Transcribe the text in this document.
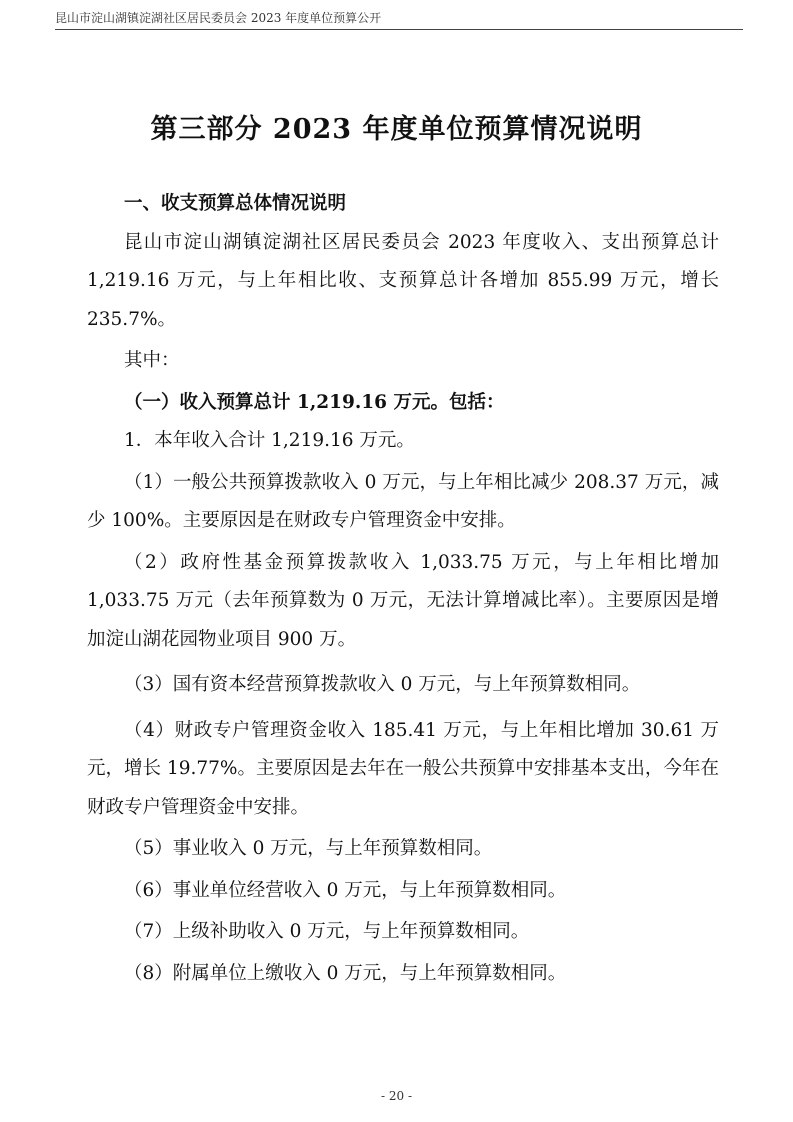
昆山市淀山湖镇淀湖社区居民委员会 2023 年度单位预算公开
第三部分 2023 年度单位预算情况说明

一、收支预算总体情况说明

昆山市淀山湖镇淀湖社区居民委员会 2023 年度收入、支出预算总计 1,219.16 万元，与上年相比收、支预算总计各增加 855.99 万元，增长 235.7%。

其中：

（一）收入预算总计 1,219.16 万元。包括：

1．本年收入合计 1,219.16 万元。

（1）一般公共预算拨款收入 0 万元，与上年相比减少 208.37 万元，减少 100%。主要原因是在财政专户管理资金中安排。

（2）政府性基金预算拨款收入 1,033.75 万元，与上年相比增加 1,033.75 万元（去年预算数为 0 万元，无法计算增减比率）。主要原因是增加淀山湖花园物业项目 900 万。

（3）国有资本经营预算拨款收入 0 万元，与上年预算数相同。

（4）财政专户管理资金收入 185.41 万元，与上年相比增加 30.61 万元，增长 19.77%。主要原因是去年在一般公共预算中安排基本支出，今年在财政专户管理资金中安排。

（5）事业收入 0 万元，与上年预算数相同。

（6）事业单位经营收入 0 万元，与上年预算数相同。

（7）上级补助收入 0 万元，与上年预算数相同。

（8）附属单位上缴收入 0 万元，与上年预算数相同。

- 20 -
